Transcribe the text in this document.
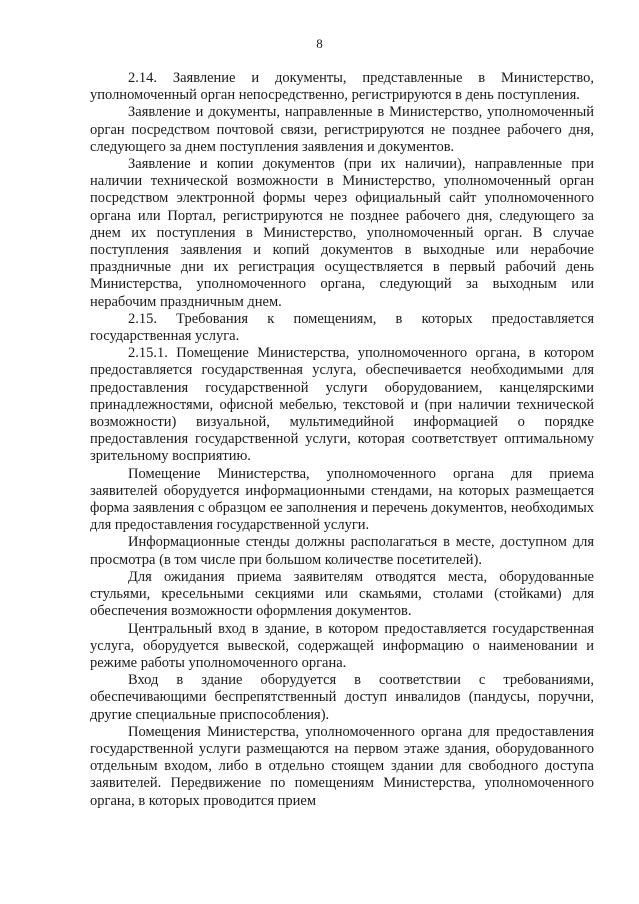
8

2.14. Заявление и документы, представленные в Министерство, уполномоченный орган непосредственно, регистрируются в день поступления.

Заявление и документы, направленные в Министерство, уполномоченный орган посредством почтовой связи, регистрируются не позднее рабочего дня, следующего за днем поступления заявления и документов.

Заявление и копии документов (при их наличии), направленные при наличии технической возможности в Министерство, уполномоченный орган посредством электронной формы через официальный сайт уполномоченного органа или Портал, регистрируются не позднее рабочего дня, следующего за днем их поступления в Министерство, уполномоченный орган. В случае поступления заявления и копий документов в выходные или нерабочие праздничные дни их регистрация осуществляется в первый рабочий день Министерства, уполномоченного органа, следующий за выходным или нерабочим праздничным днем.

2.15. Требования к помещениям, в которых предоставляется государственная услуга.

2.15.1. Помещение Министерства, уполномоченного органа, в котором предоставляется государственная услуга, обеспечивается необходимыми для предоставления государственной услуги оборудованием, канцелярскими принадлежностями, офисной мебелью, текстовой и (при наличии технической возможности) визуальной, мультимедийной информацией о порядке предоставления государственной услуги, которая соответствует оптимальному зрительному восприятию.

Помещение Министерства, уполномоченного органа для приема заявителей оборудуется информационными стендами, на которых размещается форма заявления с образцом ее заполнения и перечень документов, необходимых для предоставления государственной услуги.

Информационные стенды должны располагаться в месте, доступном для просмотра (в том числе при большом количестве посетителей).

Для ожидания приема заявителям отводятся места, оборудованные стульями, кресельными секциями или скамьями, столами (стойками) для обеспечения возможности оформления документов.

Центральный вход в здание, в котором предоставляется государственная услуга, оборудуется вывеской, содержащей информацию о наименовании и режиме работы уполномоченного органа.

Вход в здание оборудуется в соответствии с требованиями, обеспечивающими беспрепятственный доступ инвалидов (пандусы, поручни, другие специальные приспособления).

Помещения Министерства, уполномоченного органа для предоставления государственной услуги размещаются на первом этаже здания, оборудованного отдельным входом, либо в отдельно стоящем здании для свободного доступа заявителей. Передвижение по помещениям Министерства, уполномоченного органа, в которых проводится прием
